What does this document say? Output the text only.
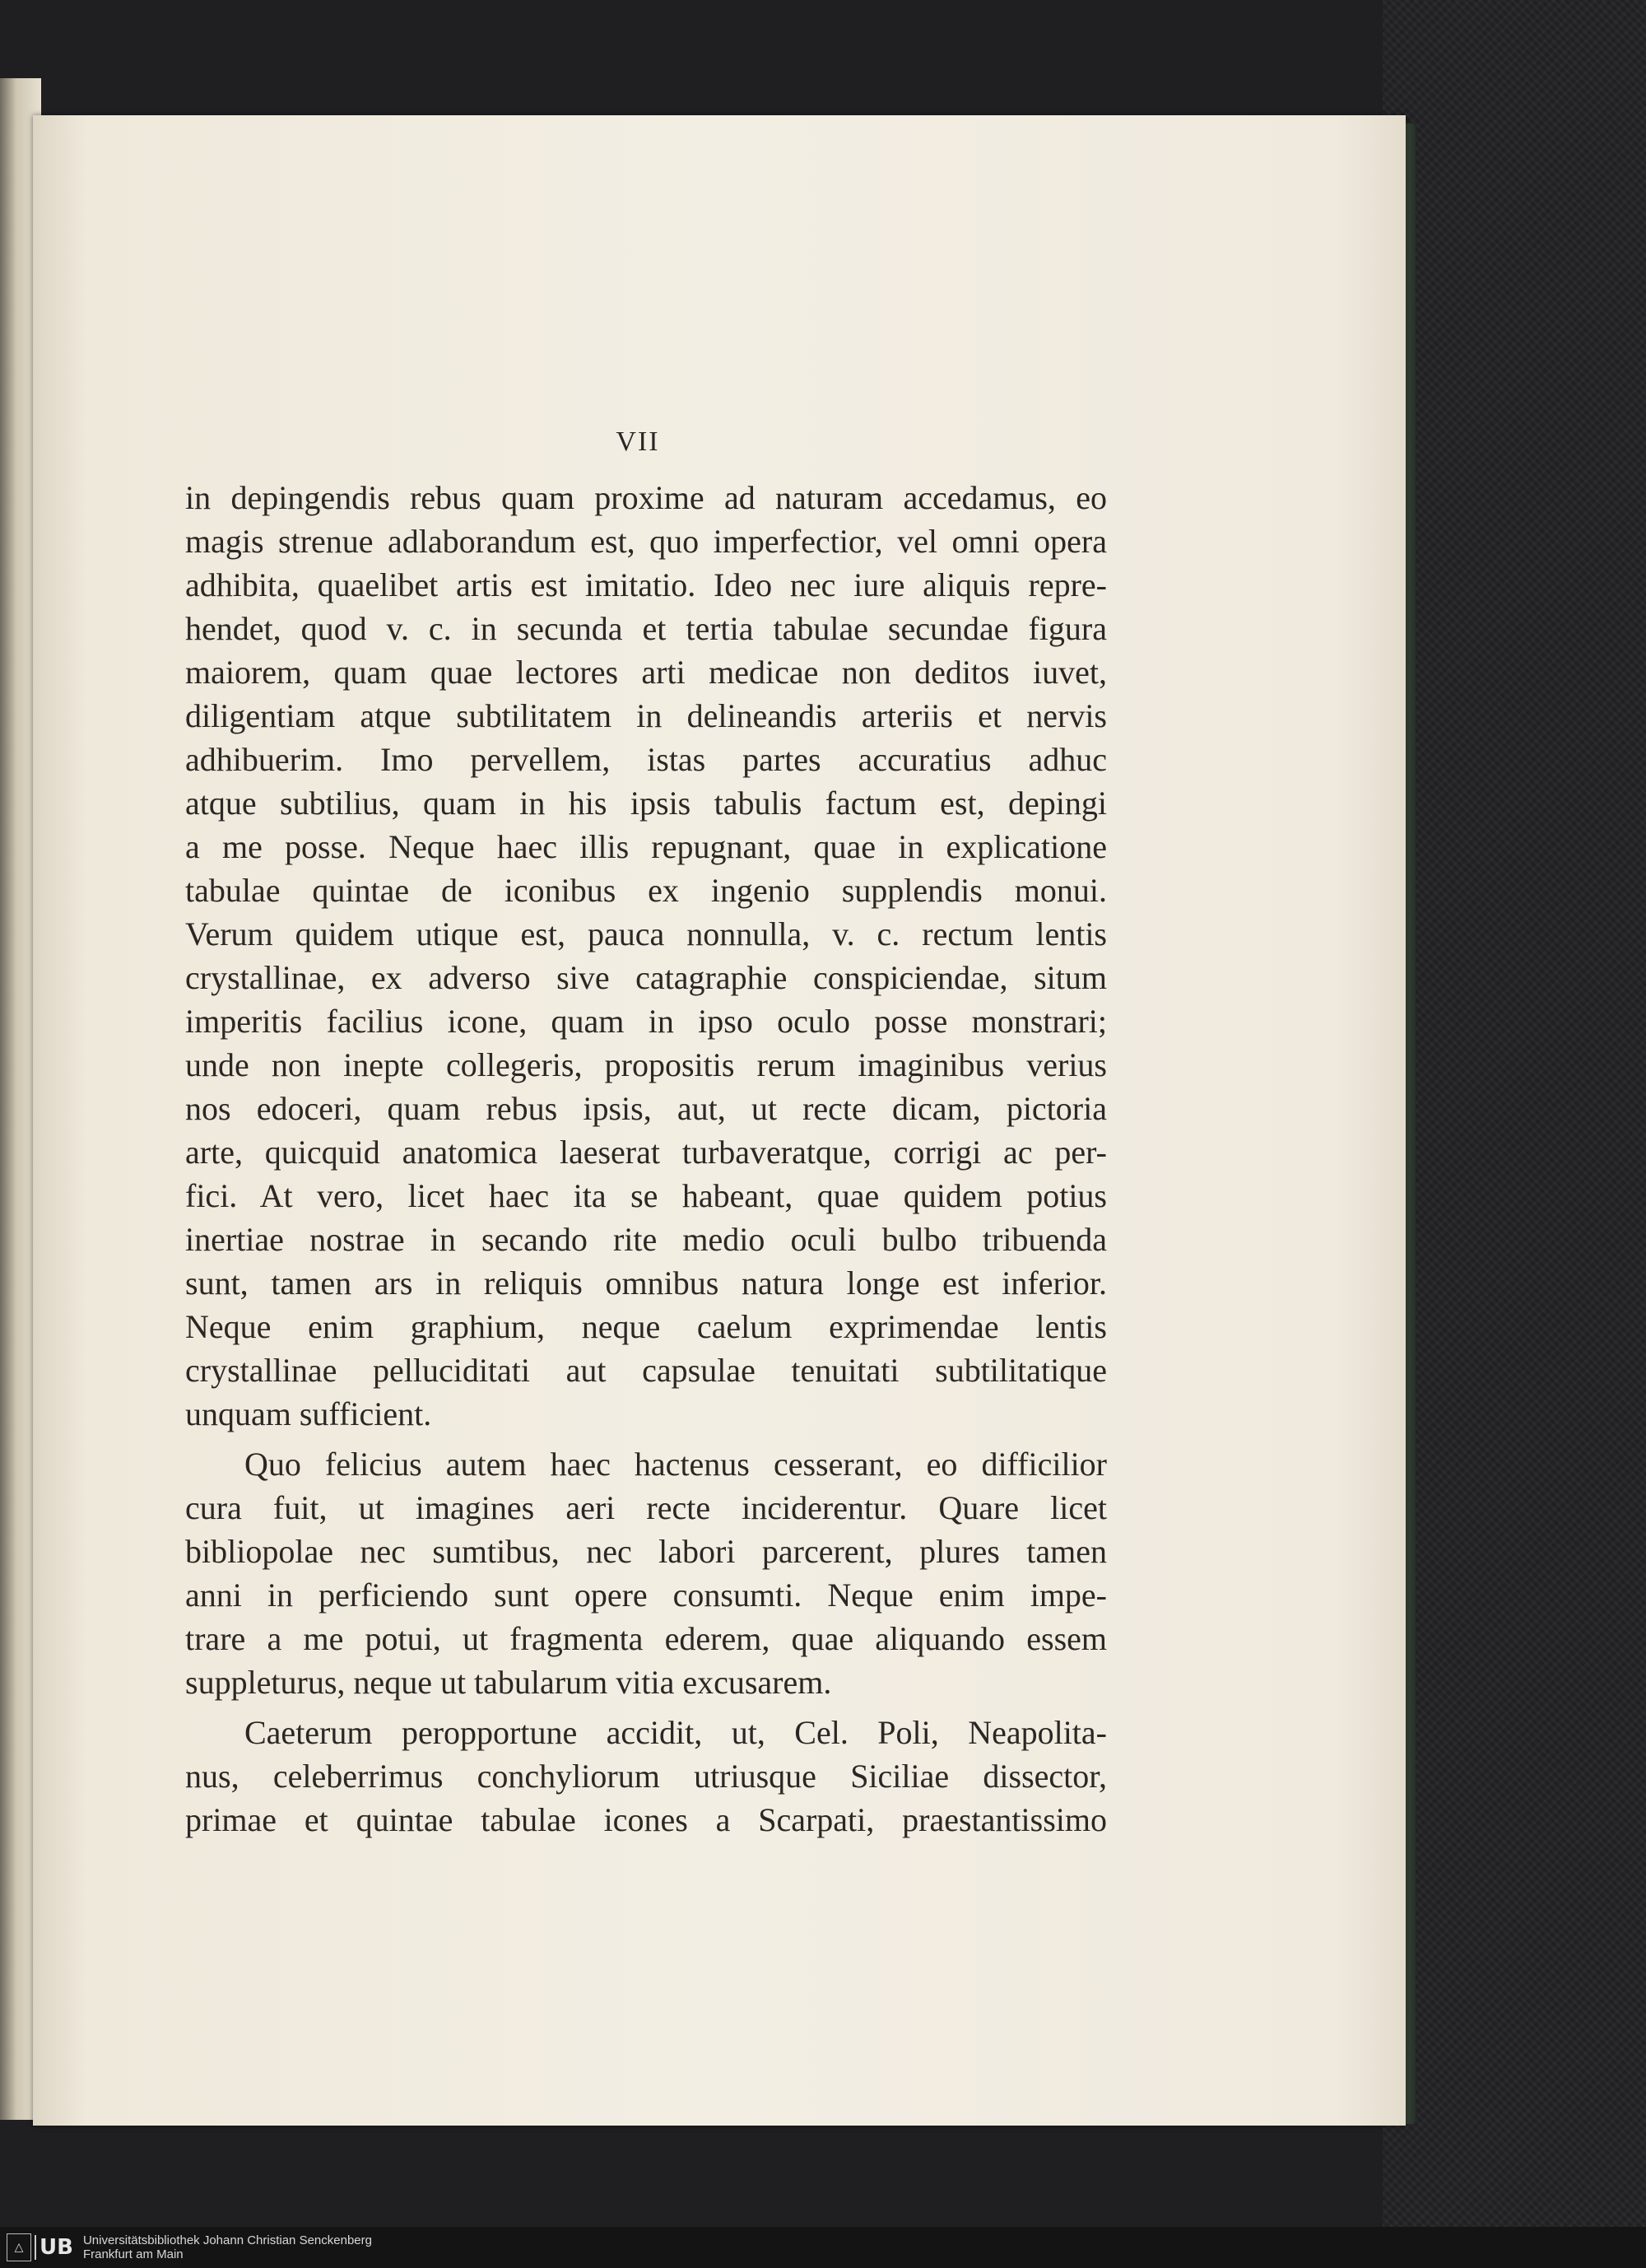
VII
in depingendis rebus quam proxime ad naturam accedamus, eo
magis strenue adlaborandum est, quo imperfectior, vel omni opera
adhibita, quaelibet artis est imitatio. Ideo nec iure aliquis repre-
hendet, quod v. c. in secunda et tertia tabulae secundae figura
maiorem, quam quae lectores arti medicae non deditos iuvet,
diligentiam atque subtilitatem in delineandis arteriis et nervis
adhibuerim. Imo pervellem, istas partes accuratius adhuc
atque subtilius, quam in his ipsis tabulis factum est, depingi
a me posse. Neque haec illis repugnant, quae in explicatione
tabulae quintae de iconibus ex ingenio supplendis monui.
Verum quidem utique est, pauca nonnulla, v. c. rectum lentis
crystallinae, ex adverso sive catagraphie conspiciendae, situm
imperitis facilius icone, quam in ipso oculo posse monstrari;
unde non inepte collegeris, propositis rerum imaginibus verius
nos edoceri, quam rebus ipsis, aut, ut recte dicam, pictoria
arte, quicquid anatomica laeserat turbaveratque, corrigi ac per-
fici. At vero, licet haec ita se habeant, quae quidem potius
inertiae nostrae in secando rite medio oculi bulbo tribuenda
sunt, tamen ars in reliquis omnibus natura longe est inferior.
Neque enim graphium, neque caelum exprimendae lentis
crystallinae pelluciditati aut capsulae tenuitati subtilitatique
unquam sufficient.
Quo felicius autem haec hactenus cesserant, eo difficilior
cura fuit, ut imagines aeri recte inciderentur. Quare licet
bibliopolae nec sumtibus, nec labori parcerent, plures tamen
anni in perficiendo sunt opere consumti. Neque enim impe-
trare a me potui, ut fragmenta ederem, quae aliquando essem
suppleturus, neque ut tabularum vitia excusarem.
Caeterum peropportune accidit, ut, Cel. Poli, Neapolita-
nus, celeberrimus conchyliorum utriusque Siciliae dissector,
primae et quintae tabulae icones a Scarpati, praestantissimo
△ UB Universitätsbibliothek Johann Christian Senckenberg
Frankfurt am Main
